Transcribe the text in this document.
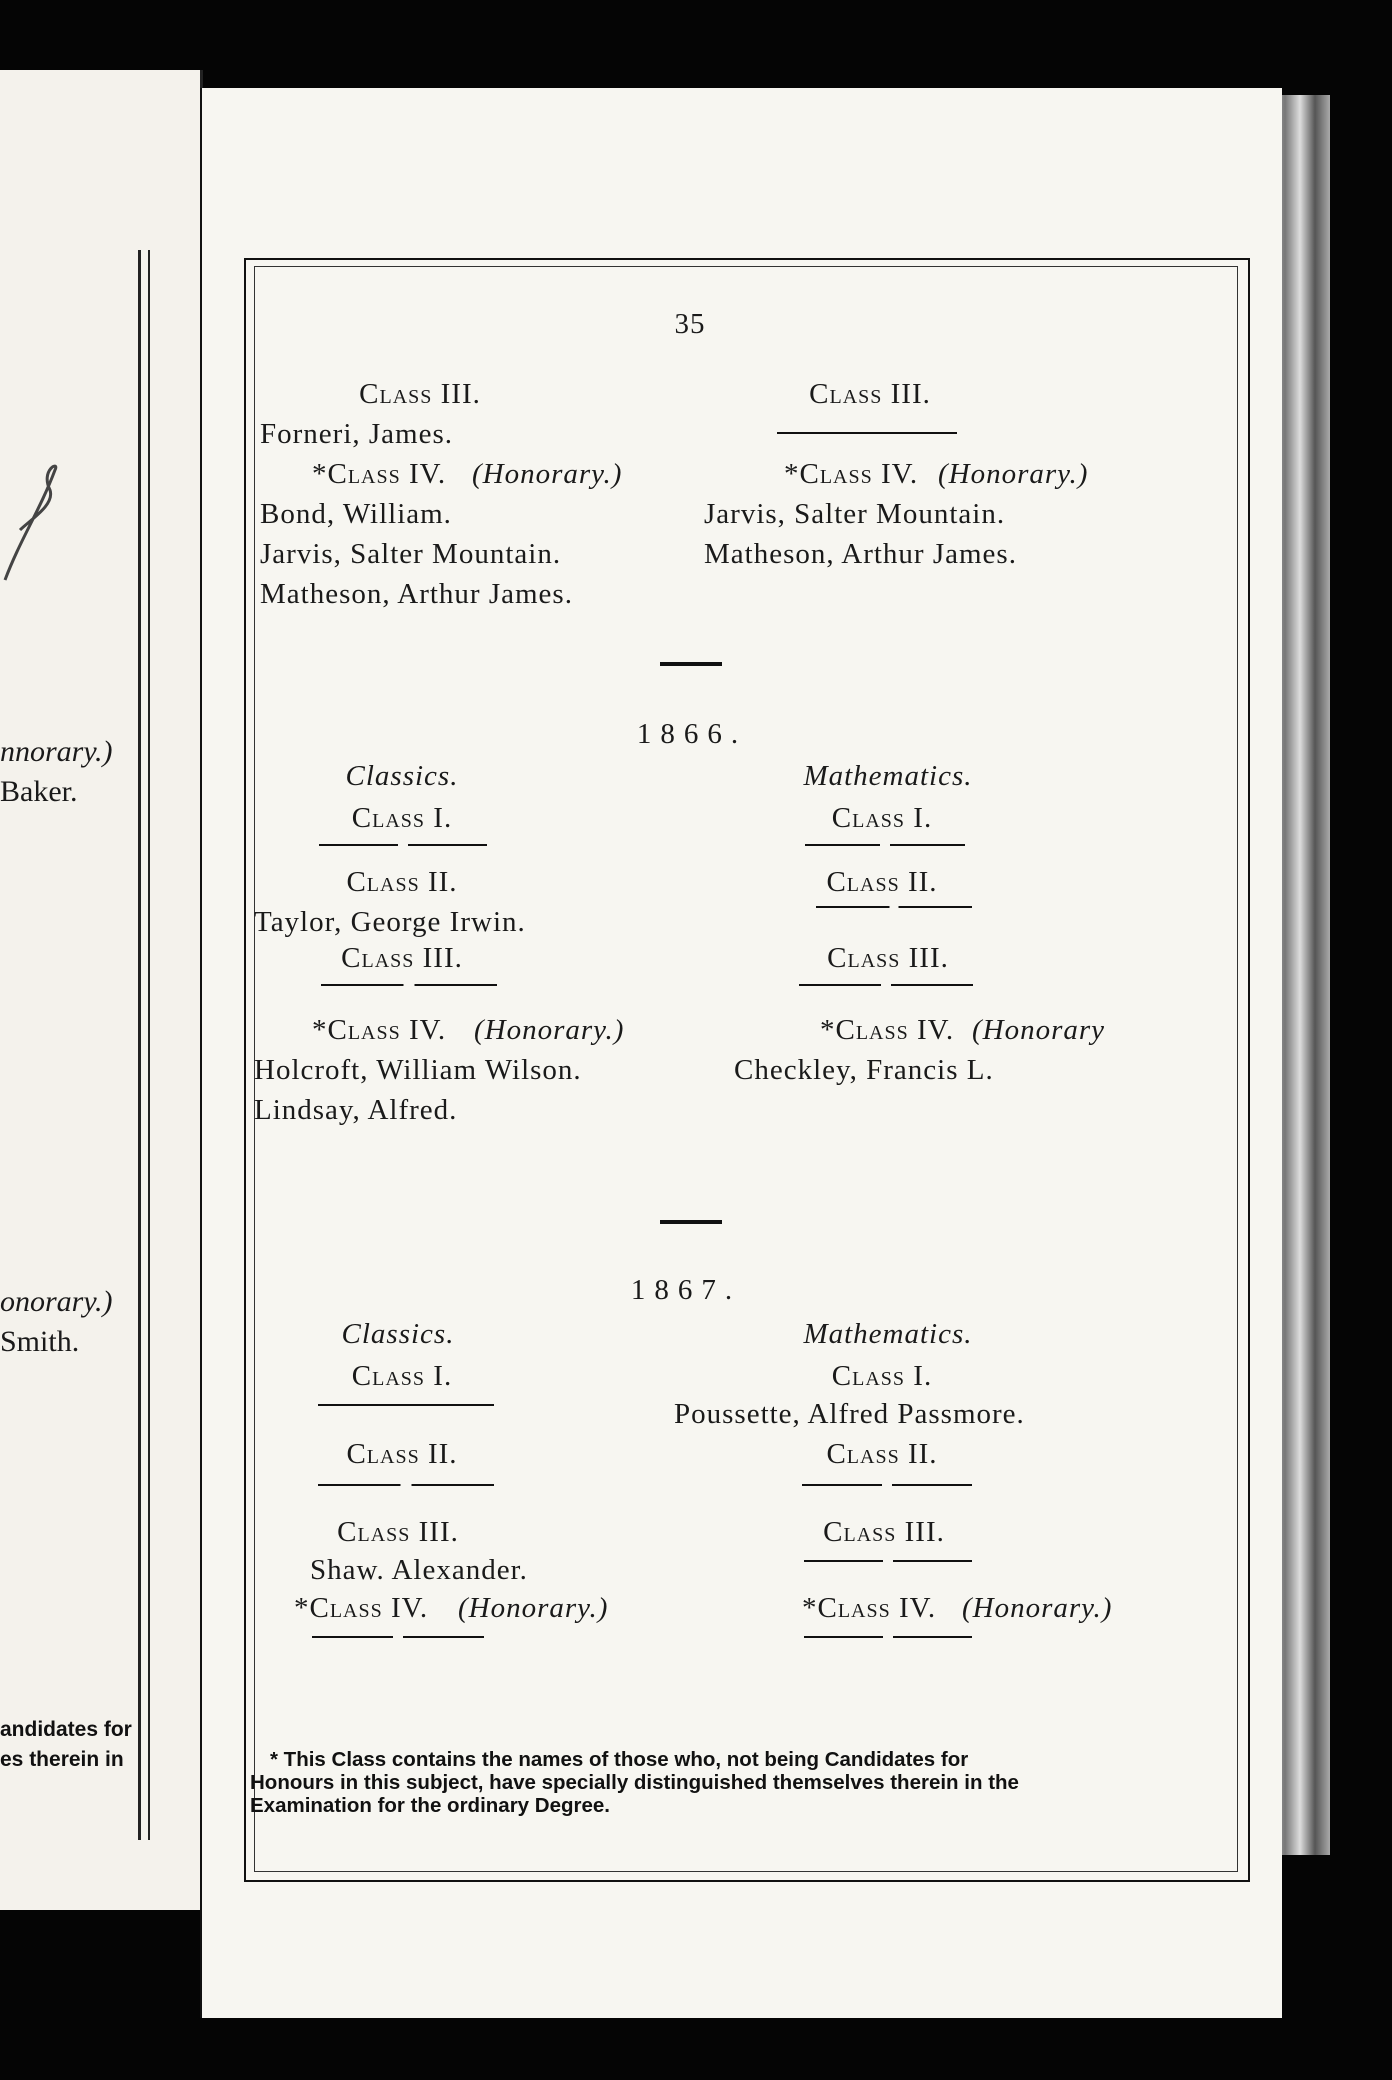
nnorary.)
Baker.
onorary.)
Smith.
andidates for
es therein in
35
Class III.
Forneri, James.
*Class IV. (Honorary.)
Bond, William.
Jarvis, Salter Mountain.
Matheson, Arthur James.
Class III.
*Class IV. (Honorary.)
Jarvis, Salter Mountain.
Matheson, Arthur James.
1866.
Classics.
Class I.
Class II.
Taylor, George Irwin.
Class III.
*Class IV. (Honorary.)
Holcroft, William Wilson.
Lindsay, Alfred.
Mathematics.
Class I.
Class II.
Class III.
*Class IV. (Honorary
Checkley, Francis L.
1867.
Classics.
Class I.
Class II.
Class III.
Shaw. Alexander.
*Class IV. (Honorary.)
Mathematics.
Class I.
Poussette, Alfred Passmore.
Class II.
Class III.
*Class IV. (Honorary.)
* This Class contains the names of those who, not being Candidates for
Honours in this subject, have specially distinguished themselves therein in the
Examination for the ordinary Degree.
